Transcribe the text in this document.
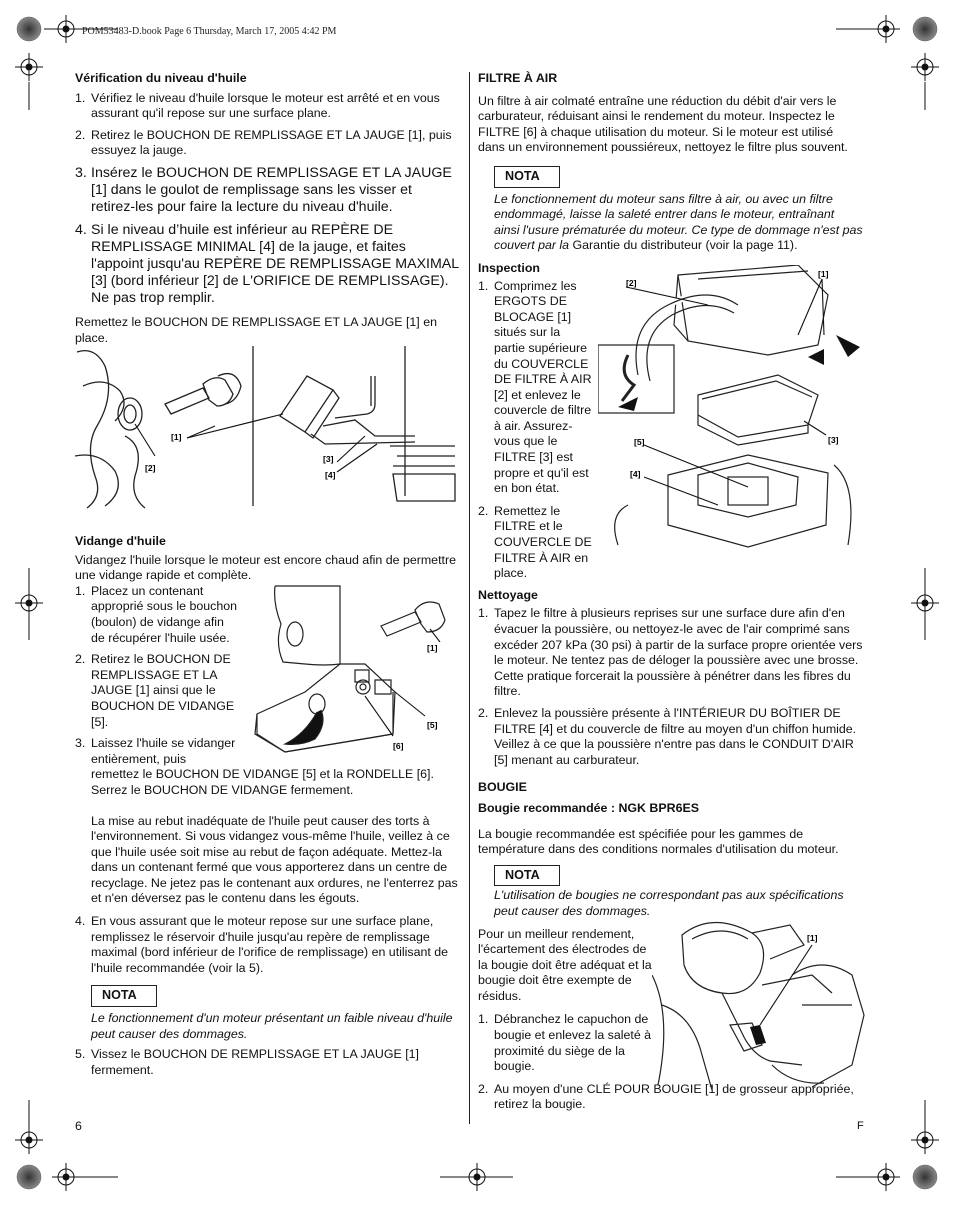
POM53483-D.book Page 6 Thursday, March 17, 2005 4:42 PM

Vérification du niveau d'huile

1. Vérifiez le niveau d'huile lorsque le moteur est arrêté et en vous assurant qu'il repose sur une surface plane.
2. Retirez le BOUCHON DE REMPLISSAGE ET LA JAUGE [1], puis essuyez la jauge.
3. Insérez le BOUCHON DE REMPLISSAGE ET LA JAUGE [1] dans le goulot de remplissage sans les visser et retirez-les pour faire la lecture du niveau d'huile.
4. Si le niveau d’huile est inférieur au REPÈRE DE REMPLISSAGE MINIMAL [4] de la jauge, et faites l'appoint jusqu'au REPÈRE DE REMPLISSAGE MAXIMAL [3] (bord inférieur [2] de L'ORIFICE DE REMPLISSAGE). Ne pas trop remplir.

Remettez le BOUCHON DE REMPLISSAGE ET LA JAUGE [1] en place.

[1]
[2]
[3]
[4]

Vidange d'huile

Vidangez l'huile lorsque le moteur est encore chaud afin de permettre une vidange rapide et complète.

1. Placez un contenant approprié sous le bouchon (boulon) de vidange afin de récupérer l'huile usée.
2. Retirez le BOUCHON DE REMPLISSAGE ET LA JAUGE [1] ainsi que le BOUCHON DE VIDANGE [5].
3. Laissez l'huile se vidanger entièrement, puis

remettez le BOUCHON DE VIDANGE [5] et la RONDELLE [6]. Serrez le BOUCHON DE VIDANGE fermement.

La mise au rebut inadéquate de l'huile peut causer des torts à l'environnement. Si vous vidangez vous-même l'huile, veillez à ce que l'huile usée soit mise au rebut de façon adéquate. Mettez-la dans un contenant fermé que vous apporterez dans un centre de recyclage. Ne jetez pas le contenant aux ordures, ne l'enterrez pas et n'en déversez pas le contenu dans les égouts.

4. En vous assurant que le moteur repose sur une surface plane, remplissez le réservoir d'huile jusqu'au repère de remplissage maximal (bord inférieur de l'orifice de remplissage) en utilisant de l'huile recommandée (voir la 5).
NOTA

Le fonctionnement d'un moteur présentant un faible niveau d'huile peut causer des dommages.

5. Vissez le BOUCHON DE REMPLISSAGE ET LA JAUGE [1] fermement.
[1]
[5]
[6]
6

FILTRE À AIR

Un filtre à air colmaté entraîne une réduction du débit d'air vers le carburateur, réduisant ainsi le rendement du moteur. Inspectez le FILTRE [6] à chaque utilisation du moteur. Si le moteur est utilisé dans un environnement poussiéreux, nettoyez le filtre plus souvent.

NOTA

Le fonctionnement du moteur sans filtre à air, ou avec un filtre endommagé, laisse la saleté entrer dans le moteur, entraînant ainsi l'usure prématurée du moteur. Ce type de dommage n'est pas couvert par la Garantie du distributeur (voir la page 11).

Inspection

1. Comprimez les ERGOTS DE BLOCAGE [1] situés sur la partie supérieure du COUVERCLE DE FILTRE À AIR [2] et enlevez le couvercle de filtre à air. Assurez-vous que le FILTRE [3] est propre et qu'il est en bon état.
2. Remettez le FILTRE et le COUVERCLE DE FILTRE À AIR en place.

Nettoyage

1. Tapez le filtre à plusieurs reprises sur une surface dure afin d'en évacuer la poussière, ou nettoyez-le avec de l'air comprimé sans excéder 207 kPa (30 psi) à partir de la surface propre orientée vers le moteur. Ne tentez pas de déloger la poussière avec une brosse. Cette pratique forcerait la poussière à pénétrer dans les fibres du filtre.
2. Enlevez la poussière présente à l'INTÉRIEUR DU BOÎTIER DE FILTRE [4] et du couvercle de filtre au moyen d'un chiffon humide. Veillez à ce que la poussière n'entre pas dans le CONDUIT D'AIR [5] menant au carburateur.

BOUGIE

Bougie recommandée : NGK BPR6ES

La bougie recommandée est spécifiée pour les gammes de température dans des conditions normales d'utilisation du moteur.

NOTA

L'utilisation de bougies ne correspondant pas aux spécifications peut causer des dommages.

Pour un meilleur rendement, l'écartement des électrodes de la bougie doit être adéquat et la bougie doit être exempte de résidus.

1. Débranchez le capuchon de bougie et enlevez la saleté à proximité du siège de la bougie.
2. Au moyen d'une CLÉ POUR BOUGIE [1] de grosseur appropriée, retirez la bougie.
[1]
[2]
[3]
[4]
[5]
[1]
F
